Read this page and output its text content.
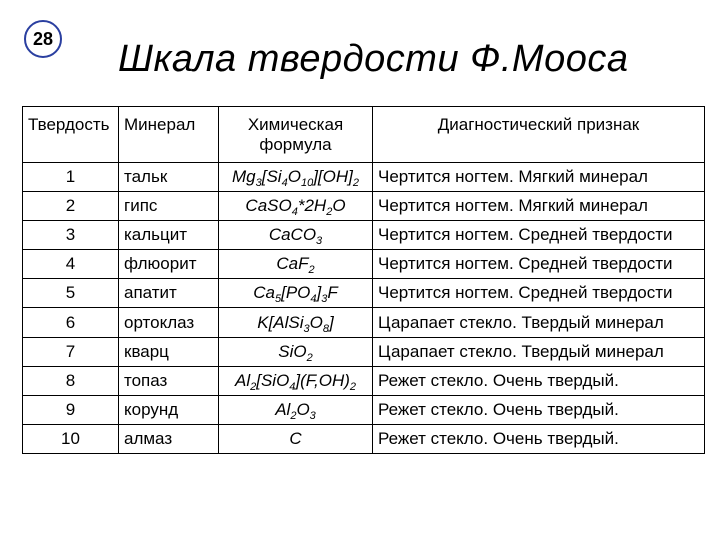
28 Шкала твердости Ф.Мооса
Твердость	Минерал	Химическая формула	Диагностический признак
1	тальк	$Mg_3[Si_4O_{10}][OH]_2$	Чертится ногтем. Мягкий минерал
2	гипс	$CaSO_4*2H_2O$	Чертится ногтем. Мягкий минерал
3	кальцит	CaCO$_3$	Чертится ногтем. Средней твердости
4	флюорит	CaF$_2$	Чертится ногтем. Средней твердости
5	апатит	$Ca_5[PO_4]_3F$	Чертится ногтем. Средней твердости
6	ортоклаз	$K[AlSi_3O_8]$	Царапает стекло. Твердый минерал
7	кварц	SiO$_2$	Царапает стекло. Твердый минерал
8	топаз	$Al_2[SiO_4](F,OH)_2$	Режет стекло. Очень твердый.
9	корунд	$Al_2O_3$	Режет стекло. Очень твердый.
10	алмаз	C	Режет стекло. Очень твердый.
